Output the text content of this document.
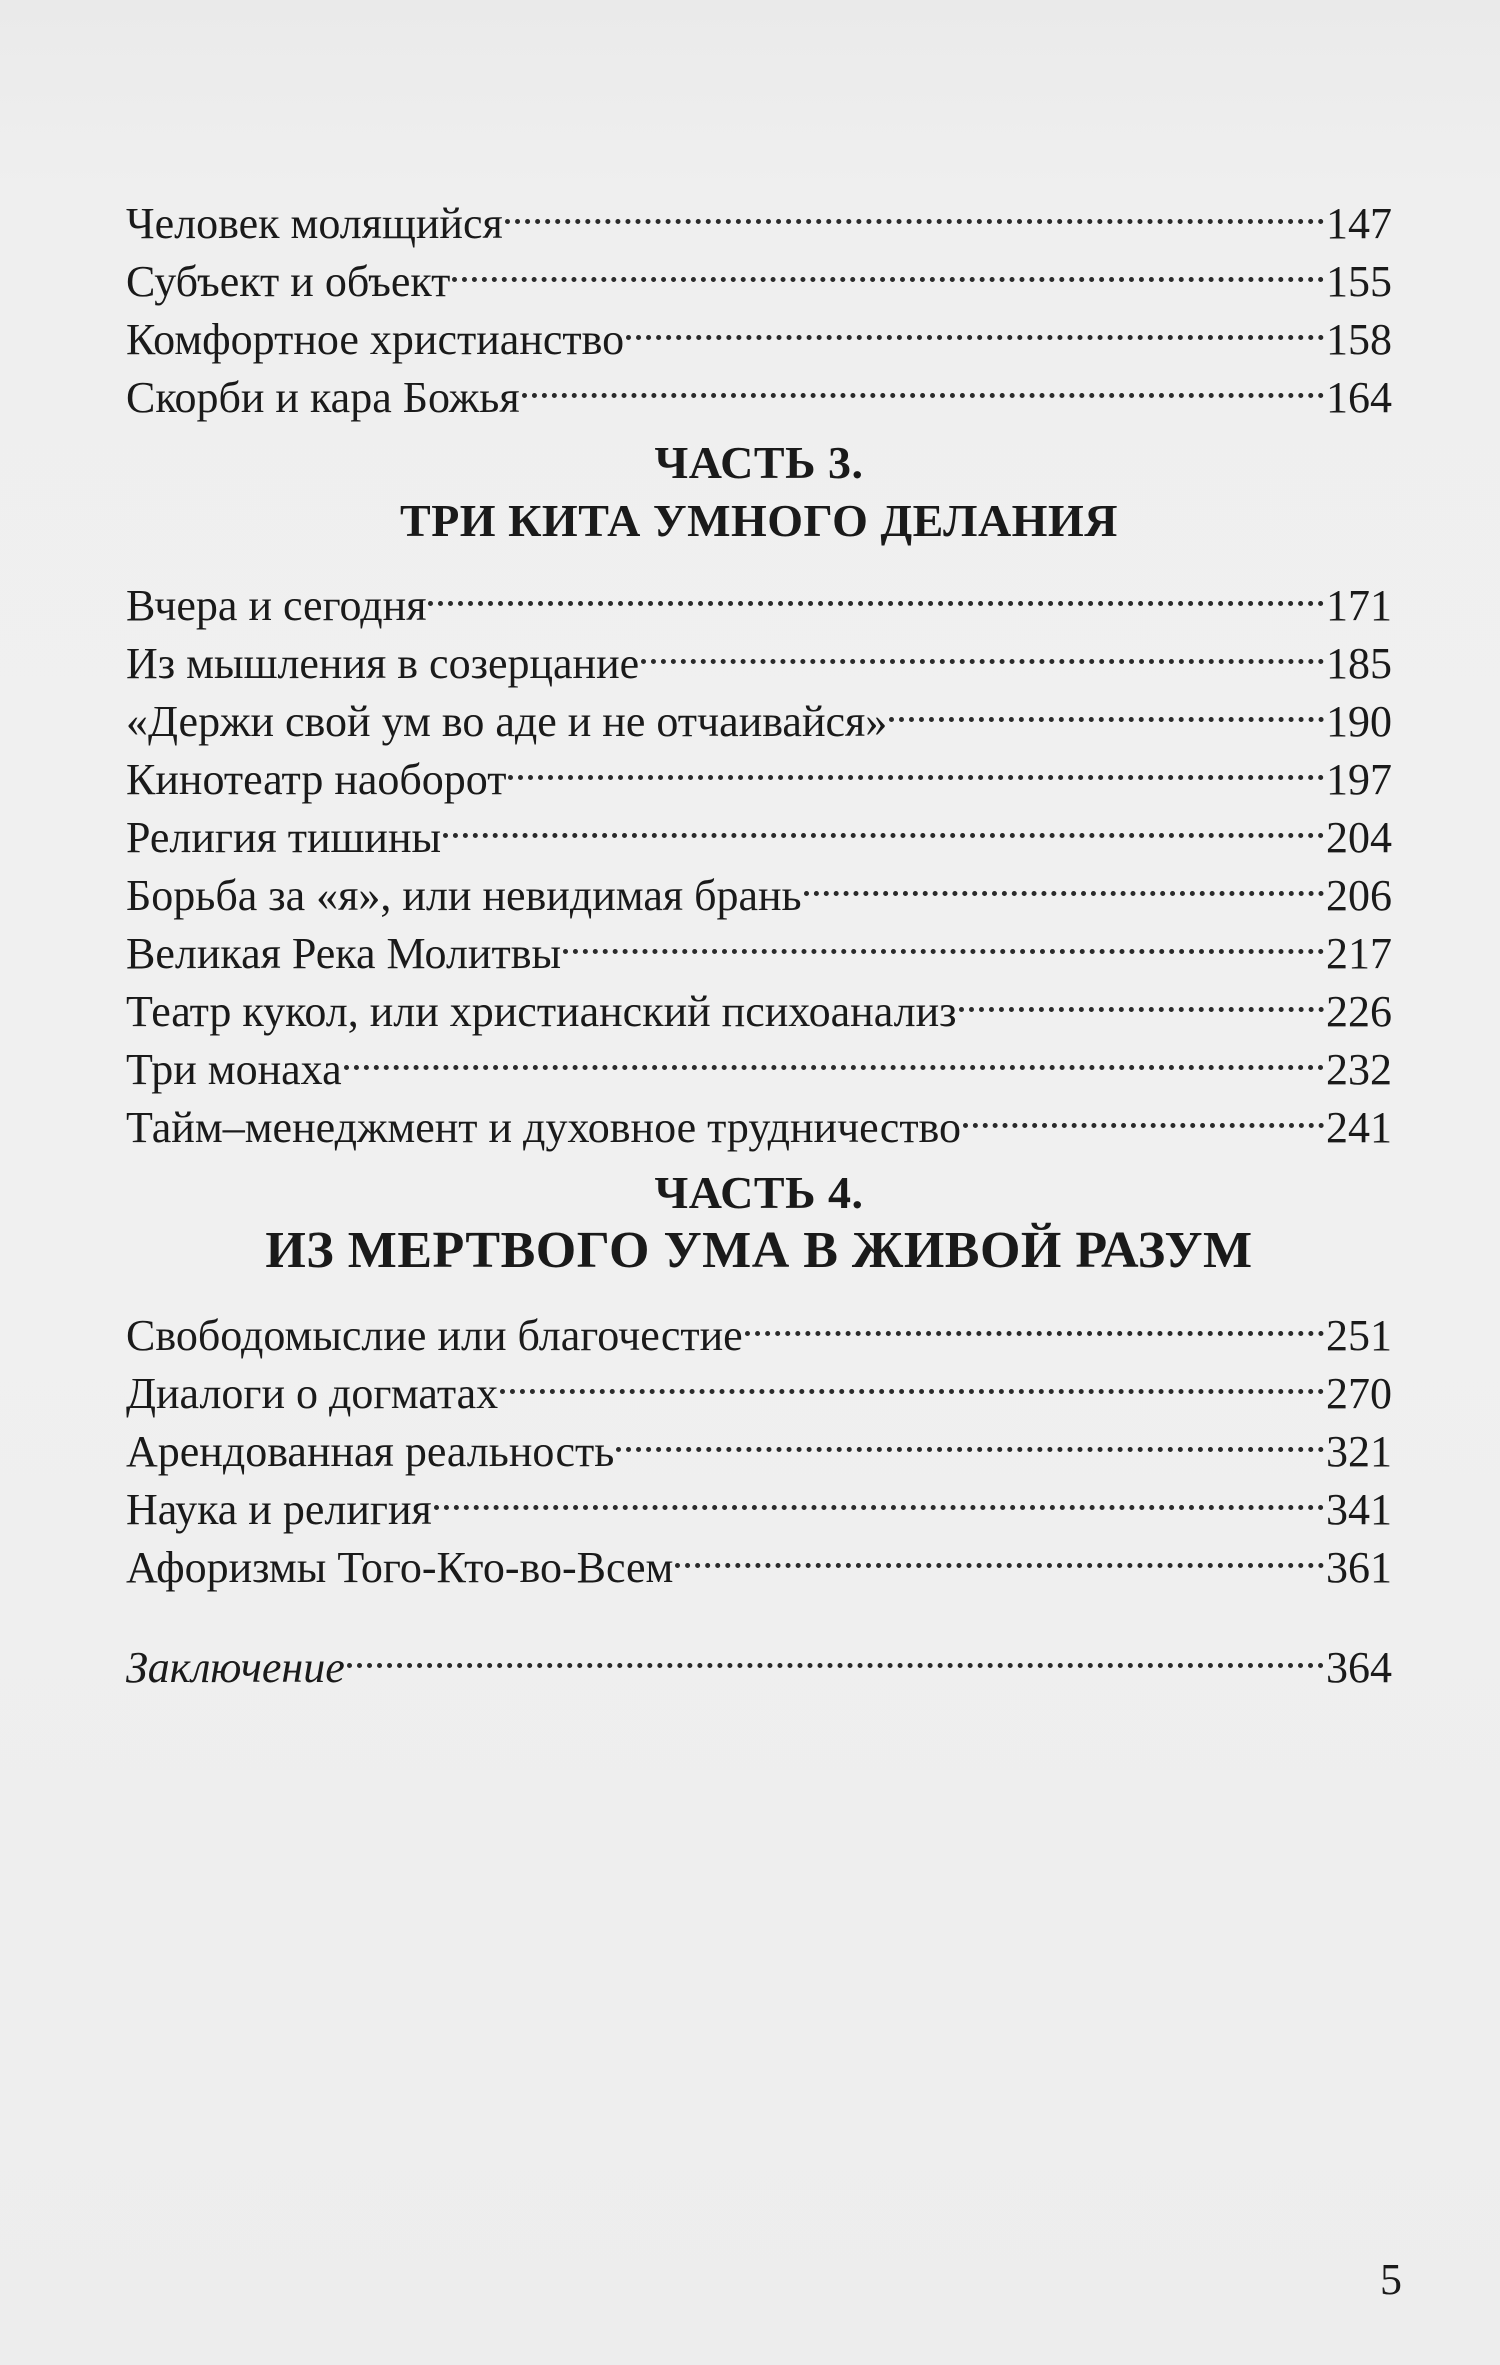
Человек молящийся	147
Субъект и объект	155
Комфортное христианство	158
Скорби и кара Божья	164
ЧАСТЬ 3.
ТРИ КИТА УМНОГО ДЕЛАНИЯ
Вчера и сегодня	171
Из мышления в созерцание	185
«Держи свой ум во аде и не отчаивайся»	190
Кинотеатр наоборот	197
Религия тишины	204
Борьба за «я», или невидимая брань	206
Великая Река Молитвы	217
Театр кукол, или христианский психоанализ	226
Три монаха	232
Тайм–менеджмент и духовное трудничество	241
ЧАСТЬ 4.
ИЗ МЕРТВОГО УМА В ЖИВОЙ РАЗУМ
Свободомыслие или благочестие	251
Диалоги о догматах	270
Арендованная реальность	321
Наука и религия	341
Афоризмы Того-Кто-во-Всем	361
Заключение	364
5
